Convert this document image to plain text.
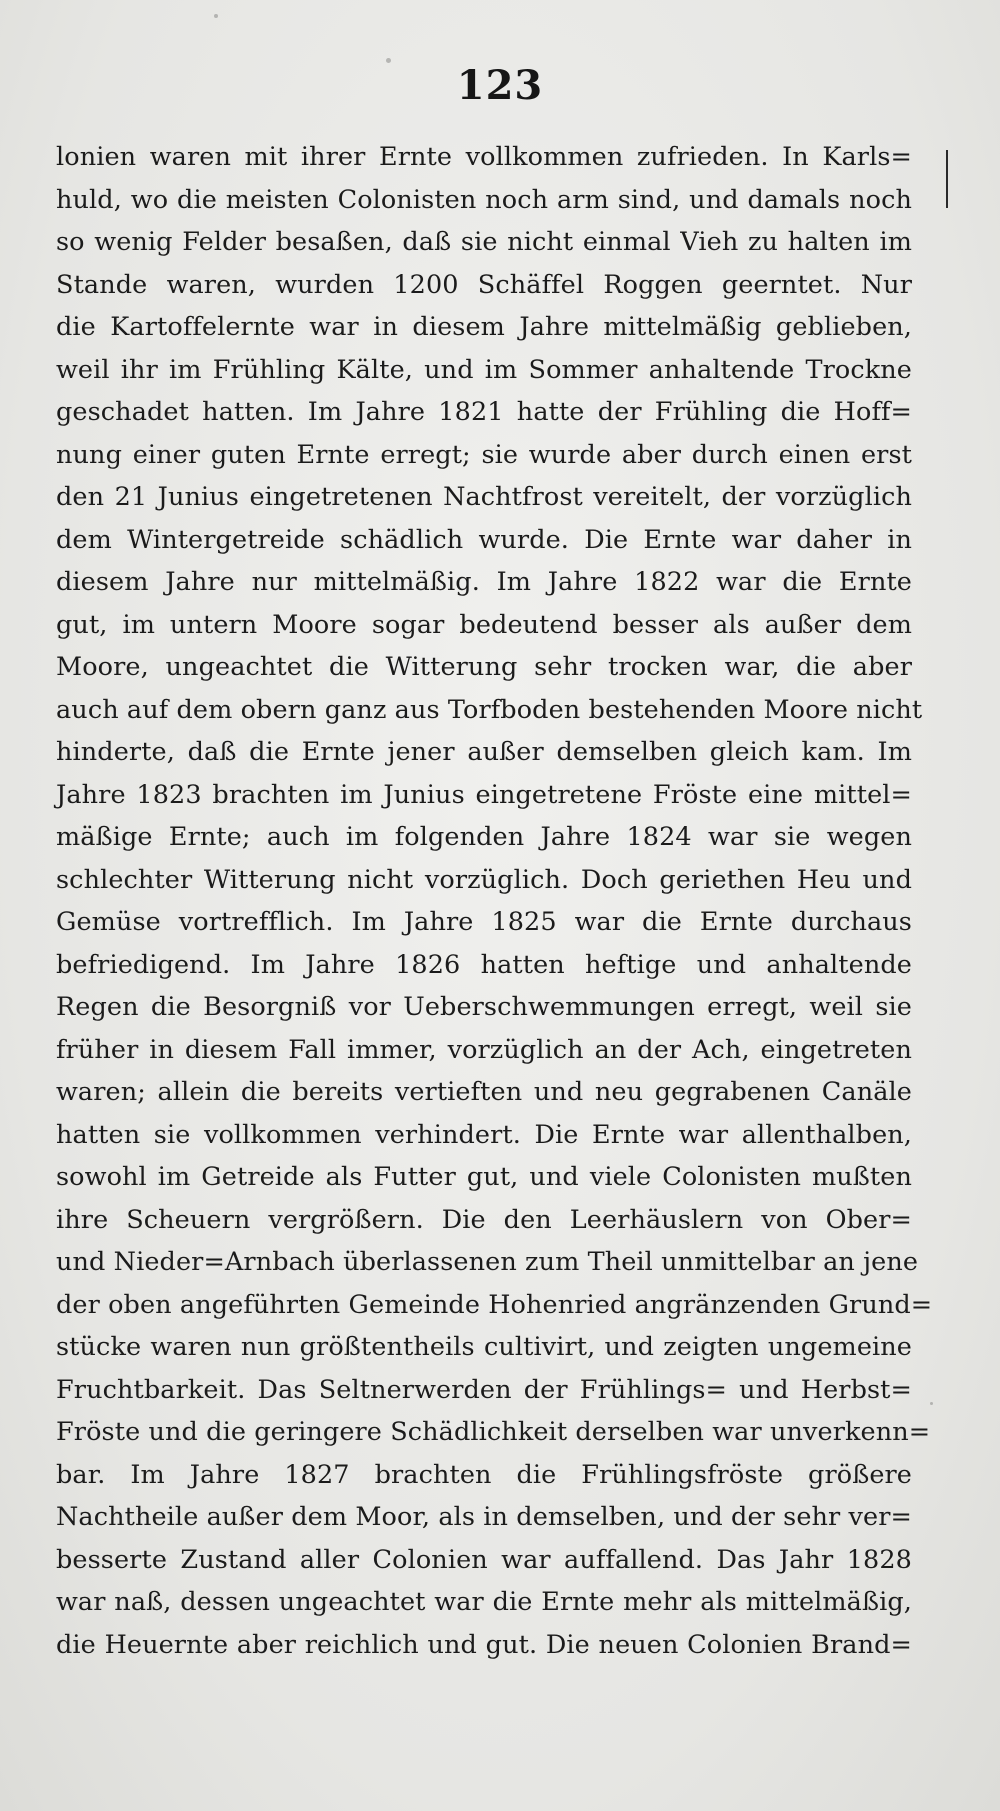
123
lonien waren mit ihrer Ernte vollkommen zufrieden. In Karls=
huld, wo die meisten Colonisten noch arm sind, und damals noch
so wenig Felder besaßen, daß sie nicht einmal Vieh zu halten im
Stande waren, wurden 1200 Schäffel Roggen geerntet. Nur
die Kartoffelernte war in diesem Jahre mittelmäßig geblieben,
weil ihr im Frühling Kälte, und im Sommer anhaltende Trockne
geschadet hatten. Im Jahre 1821 hatte der Frühling die Hoff=
nung einer guten Ernte erregt; sie wurde aber durch einen erst
den 21 Junius eingetretenen Nachtfrost vereitelt, der vorzüglich
dem Wintergetreide schädlich wurde. Die Ernte war daher in
diesem Jahre nur mittelmäßig. Im Jahre 1822 war die Ernte
gut, im untern Moore sogar bedeutend besser als außer dem
Moore, ungeachtet die Witterung sehr trocken war, die aber
auch auf dem obern ganz aus Torfboden bestehenden Moore nicht
hinderte, daß die Ernte jener außer demselben gleich kam. Im
Jahre 1823 brachten im Junius eingetretene Fröste eine mittel=
mäßige Ernte; auch im folgenden Jahre 1824 war sie wegen
schlechter Witterung nicht vorzüglich. Doch geriethen Heu und
Gemüse vortrefflich. Im Jahre 1825 war die Ernte durchaus
befriedigend. Im Jahre 1826 hatten heftige und anhaltende
Regen die Besorgniß vor Ueberschwemmungen erregt, weil sie
früher in diesem Fall immer, vorzüglich an der Ach, eingetreten
waren; allein die bereits vertieften und neu gegrabenen Canäle
hatten sie vollkommen verhindert. Die Ernte war allenthalben,
sowohl im Getreide als Futter gut, und viele Colonisten mußten
ihre Scheuern vergrößern. Die den Leerhäuslern von Ober=
und Nieder=Arnbach überlassenen zum Theil unmittelbar an jene
der oben angeführten Gemeinde Hohenried angränzenden Grund=
stücke waren nun größtentheils cultivirt, und zeigten ungemeine
Fruchtbarkeit. Das Seltnerwerden der Frühlings= und Herbst=
Fröste und die geringere Schädlichkeit derselben war unverkenn=
bar. Im Jahre 1827 brachten die Frühlingsfröste größere
Nachtheile außer dem Moor, als in demselben, und der sehr ver=
besserte Zustand aller Colonien war auffallend. Das Jahr 1828
war naß, dessen ungeachtet war die Ernte mehr als mittelmäßig,
die Heuernte aber reichlich und gut. Die neuen Colonien Brand=
